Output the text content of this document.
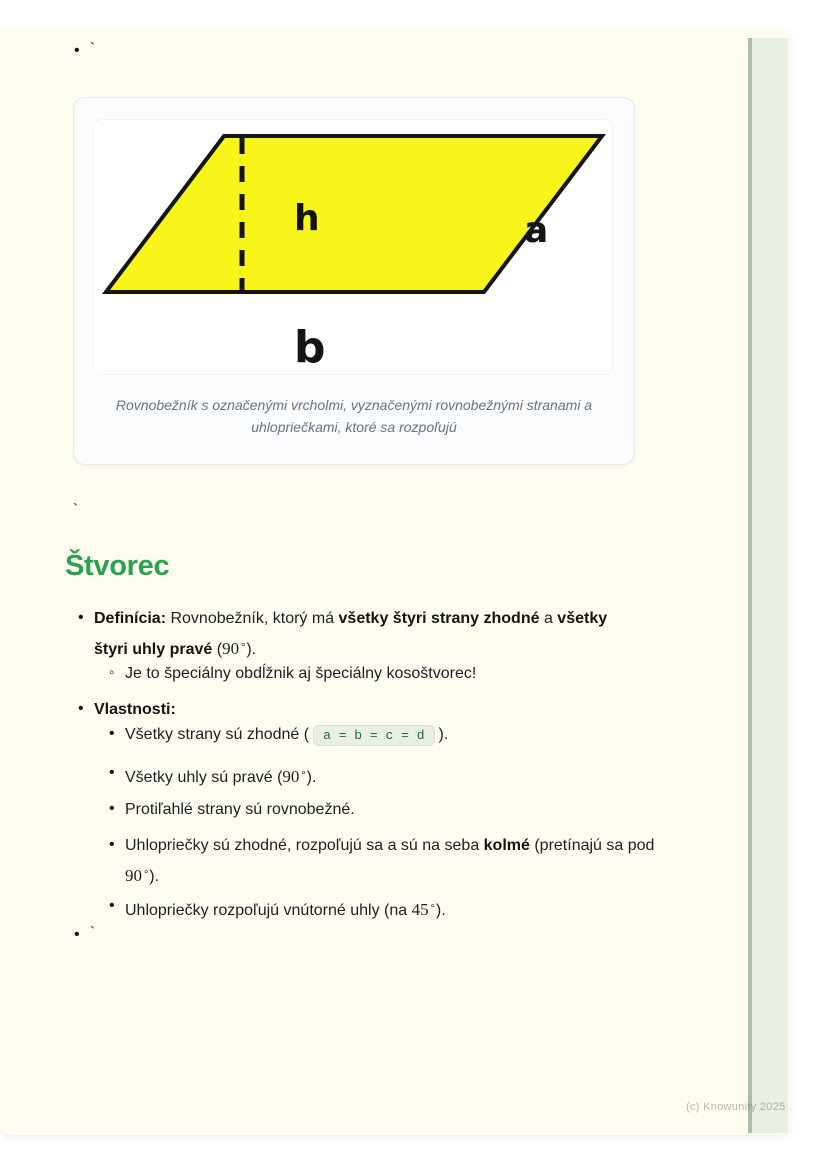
• `
h	a
b
Rovnobežník s označenými vrcholmi, vyznačenými rovnobežnými stranami a
uhlopriečkami, ktoré sa rozpoľujú
`
Štvorec
• Definícia: Rovnobežník, ktorý má všetky štyri strany zhodné a všetky štyri uhly pravé (90∘).
◦ Je to špeciálny obdĺžnik aj špeciálny kosoštvorec!
• Vlastnosti:
• Všetky strany sú zhodné ( a = b = c = d ).
• Všetky uhly sú pravé (90∘).
• Protiľahlé strany sú rovnobežné.
• Uhlopriečky sú zhodné, rozpoľujú sa a sú na seba kolmé (pretínajú sa pod 90∘).
• Uhlopriečky rozpoľujú vnútorné uhly (na 45∘).
• `
(c) Knowunity 2025
